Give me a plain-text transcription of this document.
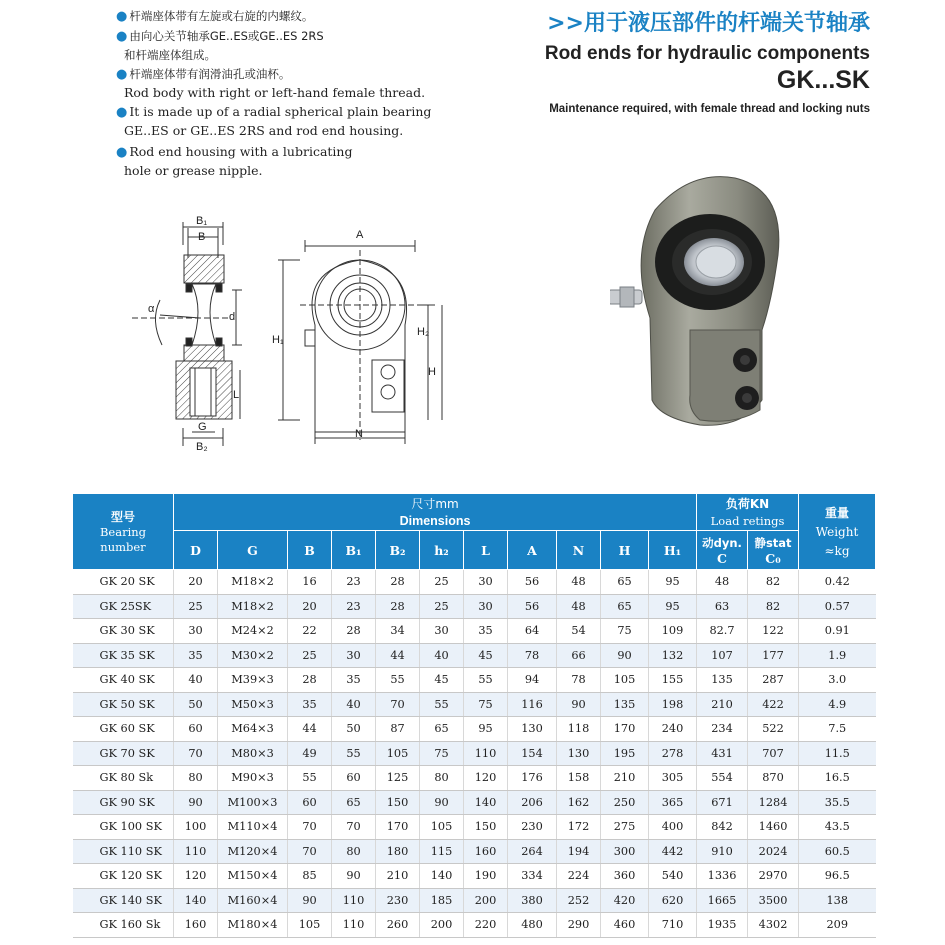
● 杆端座体带有左旋或右旋的内螺纹。
● 由向心关节轴承GE..ES或GE..ES 2RS
和杆端座体组成。
● 杆端座体带有润滑油孔或油杯。
Rod body with right or left-hand female thread.
● It is made up of a radial spherical plain bearing
GE..ES or GE..ES 2RS and rod end housing.
● Rod end housing with a lubricating
hole or grease nipple.
>>用于液压部件的杆端关节轴承
Rod ends for hydraulic components
GK...SK
Maintenance required, with female thread and locking nuts
B₁
B
G
B₂
d
L
α
A
H₁
H₂
H
N
型号
Bearing
number	尺寸mm
Dimensions											负荷KN
Load retings		重量
Weight
≈kg
	D	G	B	B₁	B₂	h₂	L	A	N	H	H₁	动dyn.
C	静stat
C₀	
GK 20 SK	20	M18×2	16	23	28	25	30	56	48	65	95	48	82	0.42
GK 25SK	25	M18×2	20	23	28	25	30	56	48	65	95	63	82	0.57
GK 30 SK	30	M24×2	22	28	34	30	35	64	54	75	109	82.7	122	0.91
GK 35 SK	35	M30×2	25	30	44	40	45	78	66	90	132	107	177	1.9
GK 40 SK	40	M39×3	28	35	55	45	55	94	78	105	155	135	287	3.0
GK 50 SK	50	M50×3	35	40	70	55	75	116	90	135	198	210	422	4.9
GK 60 SK	60	M64×3	44	50	87	65	95	130	118	170	240	234	522	7.5
GK 70 SK	70	M80×3	49	55	105	75	110	154	130	195	278	431	707	11.5
GK 80 Sk	80	M90×3	55	60	125	80	120	176	158	210	305	554	870	16.5
GK 90 SK	90	M100×3	60	65	150	90	140	206	162	250	365	671	1284	35.5
GK 100 SK	100	M110×4	70	70	170	105	150	230	172	275	400	842	1460	43.5
GK 110 SK	110	M120×4	70	80	180	115	160	264	194	300	442	910	2024	60.5
GK 120 SK	120	M150×4	85	90	210	140	190	334	224	360	540	1336	2970	96.5
GK 140 SK	140	M160×4	90	110	230	185	200	380	252	420	620	1665	3500	138
GK 160 Sk	160	M180×4	105	110	260	200	220	480	290	460	710	1935	4302	209
